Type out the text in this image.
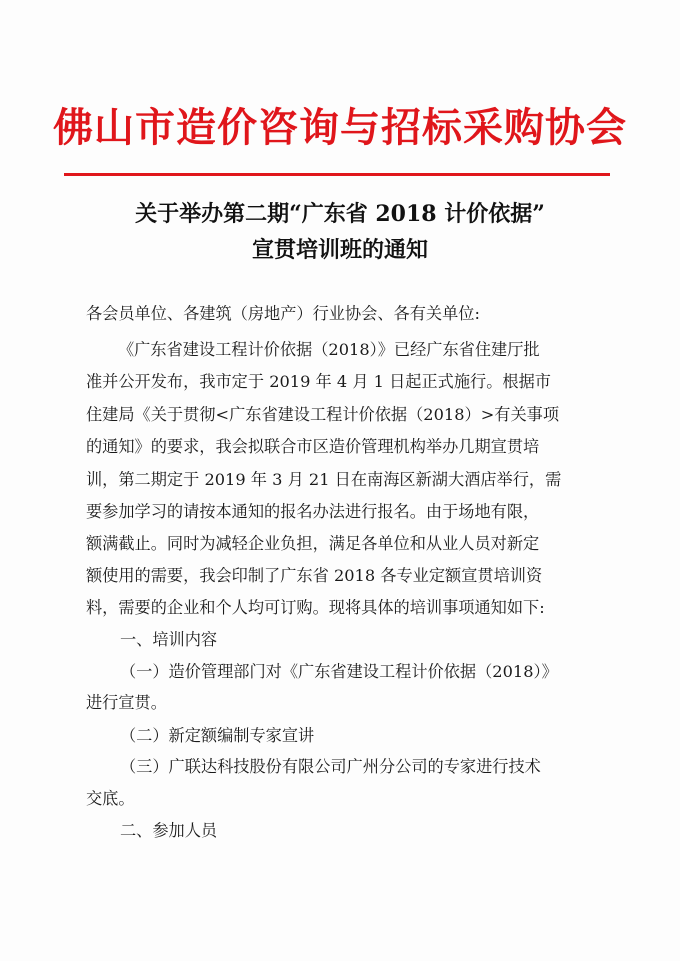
佛山市造价咨询与招标采购协会
关于举办第二期“广东省 2018 计价依据”
宣贯培训班的通知
各会员单位、各建筑（房地产）行业协会、各有关单位:
《广东省建设工程计价依据（2018）》已经广东省住建厅批
准并公开发布，我市定于 2019 年 4 月 1 日起正式施行。根据市
住建局《关于贯彻<广东省建设工程计价依据（2018）>有关事项
的通知》的要求，我会拟联合市区造价管理机构举办几期宣贯培
训，第二期定于 2019 年 3 月 21 日在南海区新湖大酒店举行，需
要参加学习的请按本通知的报名办法进行报名。由于场地有限，
额满截止。同时为减轻企业负担，满足各单位和从业人员对新定
额使用的需要，我会印制了广东省 2018 各专业定额宣贯培训资
料，需要的企业和个人均可订购。现将具体的培训事项通知如下:
一、培训内容
（一）造价管理部门对《广东省建设工程计价依据（2018）》
进行宣贯。
（二）新定额编制专家宣讲
（三）广联达科技股份有限公司广州分公司的专家进行技术
交底。
二、参加人员
